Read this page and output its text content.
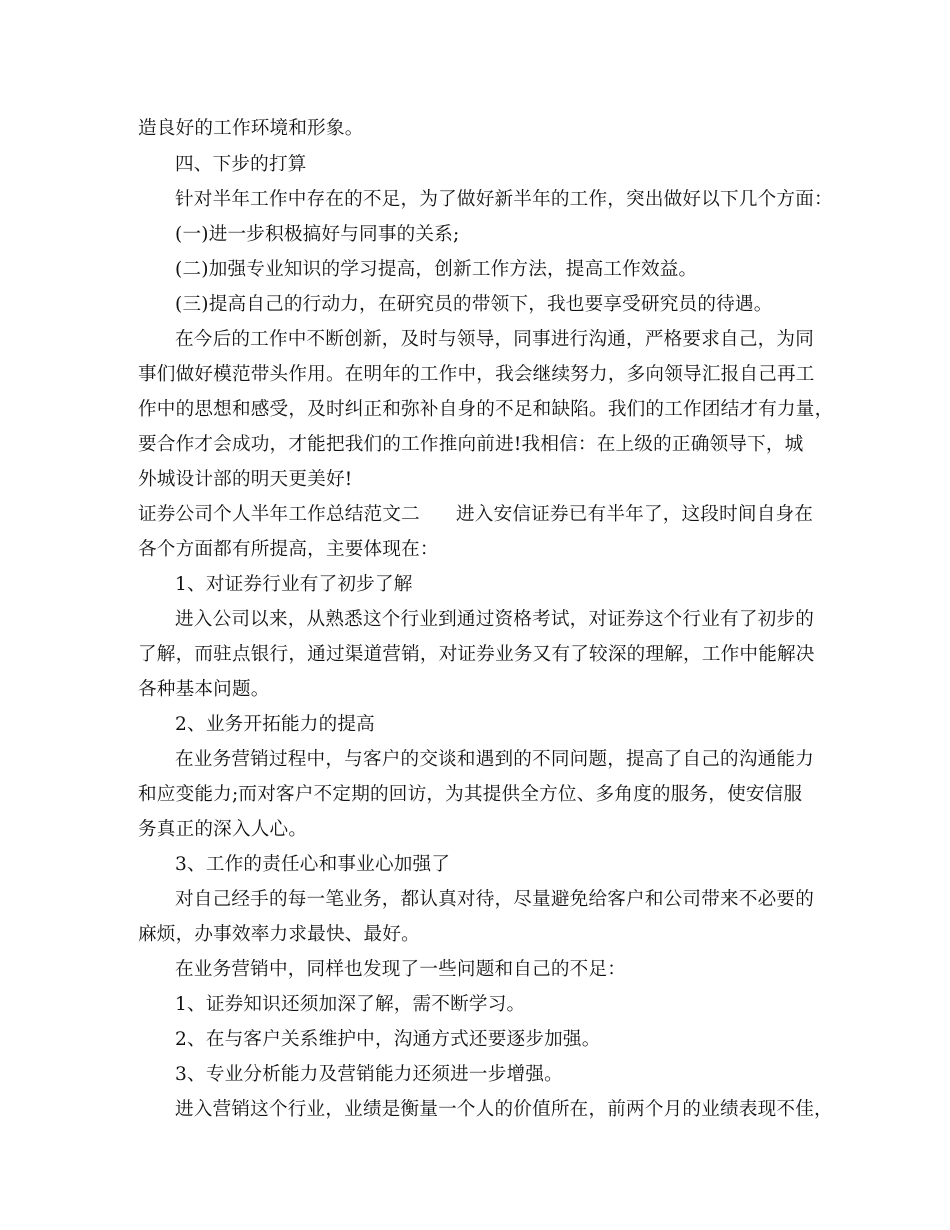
造良好的工作环境和形象。
四、下步的打算
针对半年工作中存在的不足，为了做好新半年的工作，突出做好以下几个方面：
(一)进一步积极搞好与同事的关系;
(二)加强专业知识的学习提高，创新工作方法，提高工作效益。
(三)提高自己的行动力，在研究员的带领下，我也要享受研究员的待遇。
在今后的工作中不断创新，及时与领导，同事进行沟通，严格要求自己，为同
事们做好模范带头作用。在明年的工作中，我会继续努力，多向领导汇报自己再工
作中的思想和感受，及时纠正和弥补自身的不足和缺陷。我们的工作团结才有力量，
要合作才会成功，才能把我们的工作推向前进!我相信：在上级的正确领导下，城
外城设计部的明天更美好!
证券公司个人半年工作总结范文二 进入安信证券已有半年了，这段时间自身在
各个方面都有所提高，主要体现在：
1、对证券行业有了初步了解
进入公司以来，从熟悉这个行业到通过资格考试，对证券这个行业有了初步的
了解，而驻点银行，通过渠道营销，对证券业务又有了较深的理解，工作中能解决
各种基本问题。
2、业务开拓能力的提高
在业务营销过程中，与客户的交谈和遇到的不同问题，提高了自己的沟通能力
和应变能力;而对客户不定期的回访，为其提供全方位、多角度的服务，使安信服
务真正的深入人心。
3、工作的责任心和事业心加强了
对自己经手的每一笔业务，都认真对待，尽量避免给客户和公司带来不必要的
麻烦，办事效率力求最快、最好。
在业务营销中，同样也发现了一些问题和自己的不足：
1、证券知识还须加深了解，需不断学习。
2、在与客户关系维护中，沟通方式还要逐步加强。
3、专业分析能力及营销能力还须进一步增强。
进入营销这个行业，业绩是衡量一个人的价值所在，前两个月的业绩表现不佳，
